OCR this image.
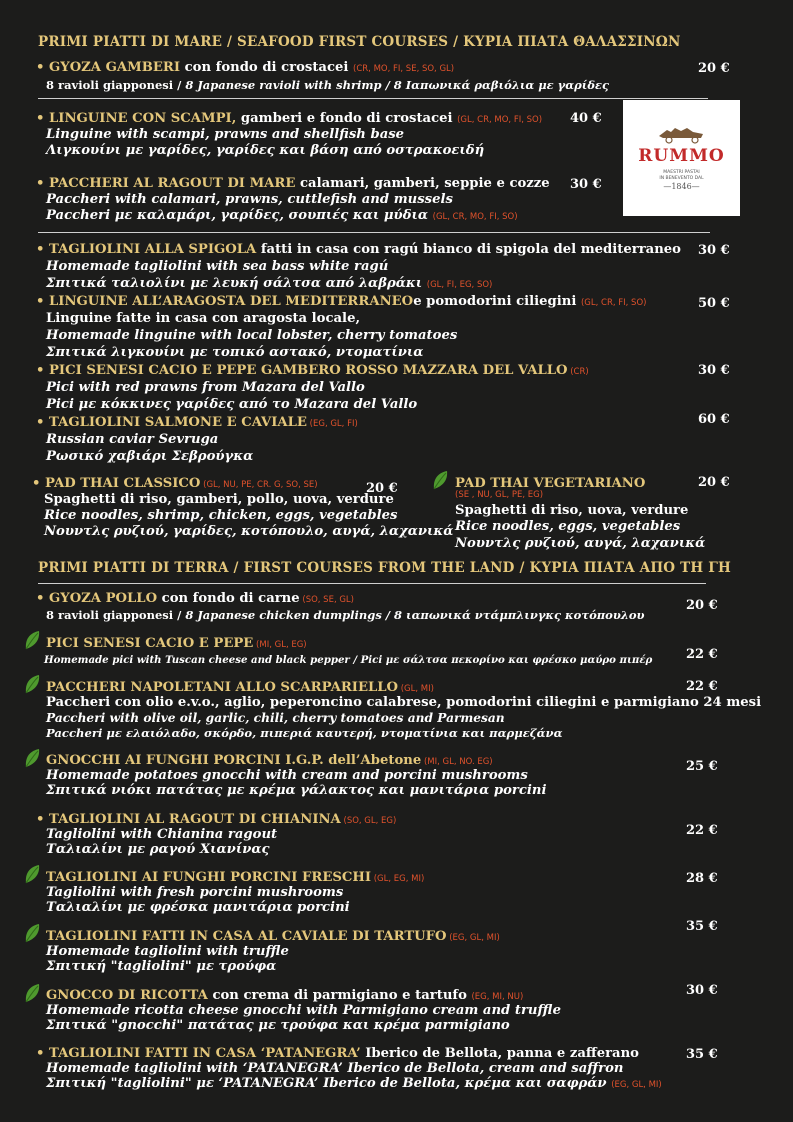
PRIMI PIATTI DI MARE / SEAFOOD FIRST COURSES / ΚΥΡΙΑ ΠΙΑΤΑ ΘΑΛΑΣΣΙΝΩΝ
• GYOZA GAMBERI con fondo di crostacei (CR, MO, FI, SE, SO, GL)
8 ravioli giapponesi / 8 Japanese ravioli with shrimp / 8 Ιαπωνικά ραβιόλια με γαρίδες
20 €
• LINGUINE CON SCAMPI, gamberi e fondo di crostacei (GL, CR, MO, FI, SO) 40 €
Linguine with scampi, prawns and shellfish base
Λιγκουίνι με γαρίδες, γαρίδες και βάση από οστρακοειδή
• PACCHERI AL RAGOUT DI MARE calamari, gamberi, seppie e cozze 30 €
Paccheri with calamari, prawns, cuttlefish and mussels
Paccheri με καλαμάρι, γαρίδες, σουπιές και μύδια (GL, CR, MO, FI, SO)
RUMMO
MAESTRI PASTAI
IN BENEVENTO DAL
—1846—
• TAGLIOLINI ALLA SPIGOLA fatti in casa con ragú bianco di spigola del mediterraneo 30 €
Homemade tagliolini with sea bass white ragú
Σπιτικά ταλιολίνι με λευκή σάλτσα από λαβράκι (GL, FI, EG, SO)
• LINGUINE ALL’ARAGOSTA DEL MEDITERRANEOe pomodorini ciliegini (GL, CR, FI, SO)	50 €
Linguine fatte in casa con aragosta locale,
Homemade linguine with local lobster, cherry tomatoes
Σπιτικά λιγκουίνι με τοπικό αστακό, ντοματίνια
• PICI SENESI CACIO E PEPE GAMBERO ROSSO MAZZARA DEL VALLO (CR)	30 €
Pici with red prawns from Mazara del Vallo
Pici με κόκκινες γαρίδες από το Mazara del Vallo
• TAGLIOLINI SALMONE E CAVIALE (EG, GL, FI)	60 €
Russian caviar Sevruga
Ρωσικό χαβιάρι Σεβρούγκα
• PAD THAI CLASSICO (GL, NU, PE, CR. G, SO, SE)	20 €
Spaghetti di riso, gamberi, pollo, uova, verdure
Rice noodles, shrimp, chicken, eggs, vegetables
Νουντλς ρυζιού, γαρίδες, κοτόπουλο, αυγά, λαχανικά
PAD THAI VEGETARIANO
(SE , NU, GL, PE, EG)
20 €
Spaghetti di riso, uova, verdure
Rice noodles, eggs, vegetables
Νουντλς ρυζιού, αυγά, λαχανικά
PRIMI PIATTI DI TERRA / FIRST COURSES FROM THE LAND / ΚΥΡΙΑ ΠΙΑΤΑ ΑΠΟ ΤΗ ΓΗ
• GYOZA POLLO con fondo di carne (SO, SE, GL)	20 €
8 ravioli giapponesi / 8 Japanese chicken dumplings / 8 ιαπωνικά ντάμπλινγκς κοτόπουλου
PICI SENESI CACIO E PEPE (MI, GL, EG)
22 €
Homemade pici with Tuscan cheese and black pepper / Pici με σάλτσα πεκορίνο και φρέσκο μαύρο πιπέρ
PACCHERI NAPOLETANI ALLO SCARPARIELLO (GL, MI)	22 €
Paccheri con olio e.v.o., aglio, peperoncino calabrese, pomodorini ciliegini e parmigiano 24 mesi
Paccheri with olive oil, garlic, chili, cherry tomatoes and Parmesan
Paccheri με ελαιόλαδο, σκόρδο, πιπεριά καυτερή, ντοματίνια και παρμεζάνα
GNOCCHI AI FUNGHI PORCINI I.G.P. dell’Abetone (MI, GL, NO. EG)	25 €
Homemade potatoes gnocchi with cream and porcini mushrooms
Σπιτικά νιόκι πατάτας με κρέμα γάλακτος και μανιτάρια porcini
• TAGLIOLINI AL RAGOUT DI CHIANINA (SO, GL, EG)
22 €
Tagliolini with Chianina ragout
Ταλιαλίνι με ραγού Χιανίνας
TAGLIOLINI AI FUNGHI PORCINI FRESCHI (GL, EG, MI)	28 €
Tagliolini with fresh porcini mushrooms
Ταλιαλίνι με φρέσκα μανιτάρια porcini
TAGLIOLINI FATTI IN CASA AL CAVIALE DI TARTUFO (EG, GL, MI)
35 €
Homemade tagliolini with truffle
Σπιτική "tagliolini" με τρούφα
GNOCCO DI RICOTTA con crema di parmigiano e tartufo (EG, MI, NU)	30 €
Homemade ricotta cheese gnocchi with Parmigiano cream and truffle
Σπιτικά "gnocchi" πατάτας με τρούφα και κρέμα parmigiano
• TAGLIOLINI FATTI IN CASA ‘PATANEGRA’ Iberico de Bellota, panna e zafferano	35 €
Homemade tagliolini with ‘PATANEGRA’ Iberico de Bellota, cream and saffron
Σπιτική "tagliolini" με ‘PATANEGRA’ Iberico de Bellota, κρέμα και σαφράν (EG, GL, MI)
